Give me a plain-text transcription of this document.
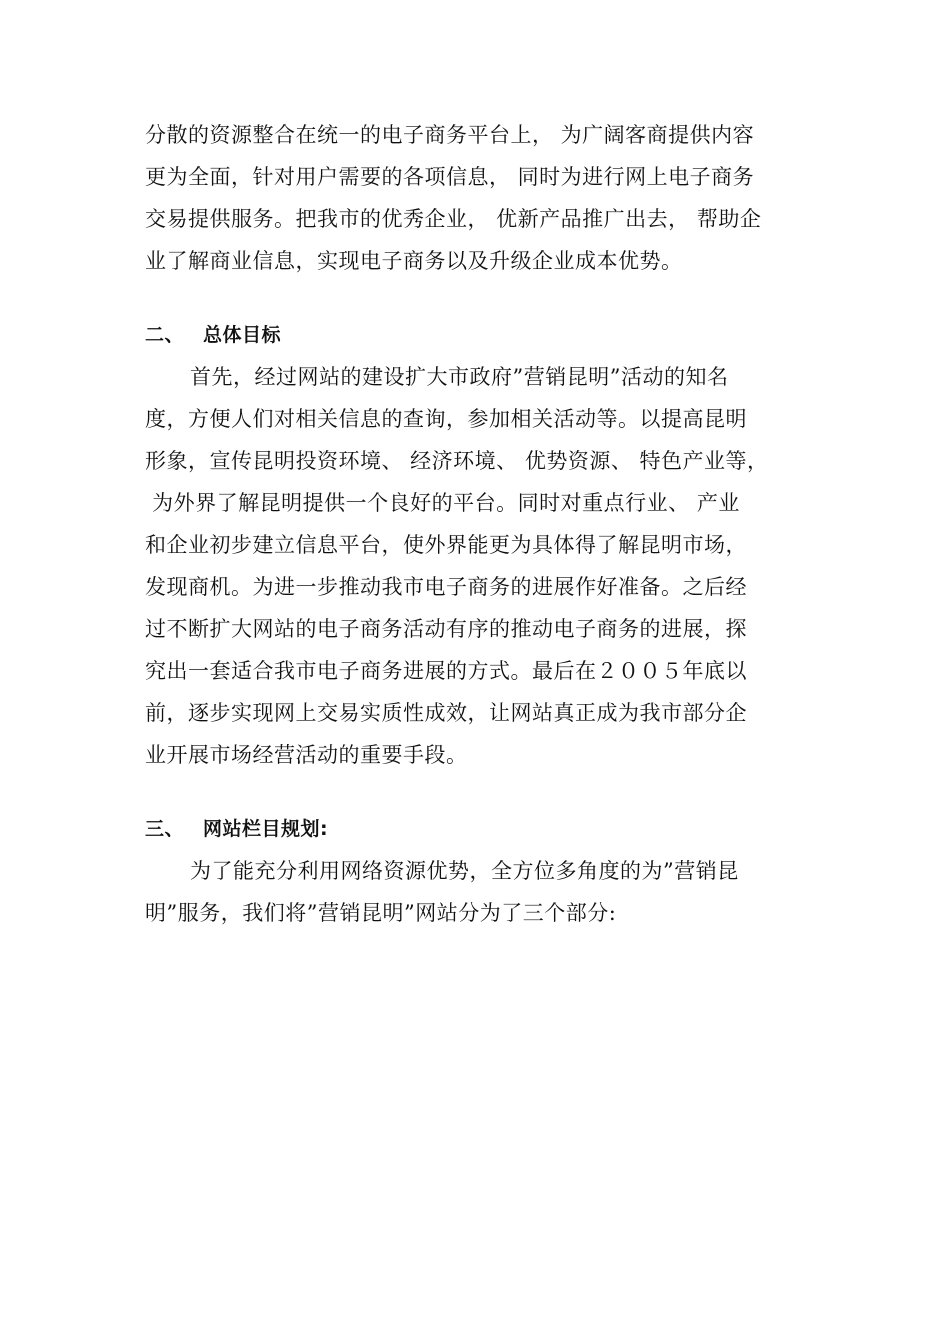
分散的资源整合在统一的电子商务平台上， 为广阔客商提供内容
更为全面，针对用户需要的各项信息， 同时为进行网上电子商务
交易提供服务。把我市的优秀企业， 优新产品推广出去， 帮助企
业了解商业信息，实现电子商务以及升级企业成本优势。
二、 总体目标
首先，经过网站的建设扩大市政府”营销昆明”活动的知名
度，方便人们对相关信息的查询，参加相关活动等。以提高昆明
形象，宣传昆明投资环境、 经济环境、 优势资源、 特色产业等，
为外界了解昆明提供一个良好的平台。同时对重点行业、 产业
和企业初步建立信息平台，使外界能更为具体得了解昆明市场，
发现商机。为进一步推动我市电子商务的进展作好准备。之后经
过不断扩大网站的电子商务活动有序的推动电子商务的进展，探
究出一套适合我市电子商务进展的方式。最后在２００５年底以
前，逐步实现网上交易实质性成效，让网站真正成为我市部分企
业开展市场经营活动的重要手段。
三、 网站栏目规划:
为了能充分利用网络资源优势，全方位多角度的为”营销昆
明”服务，我们将”营销昆明”网站分为了三个部分:
